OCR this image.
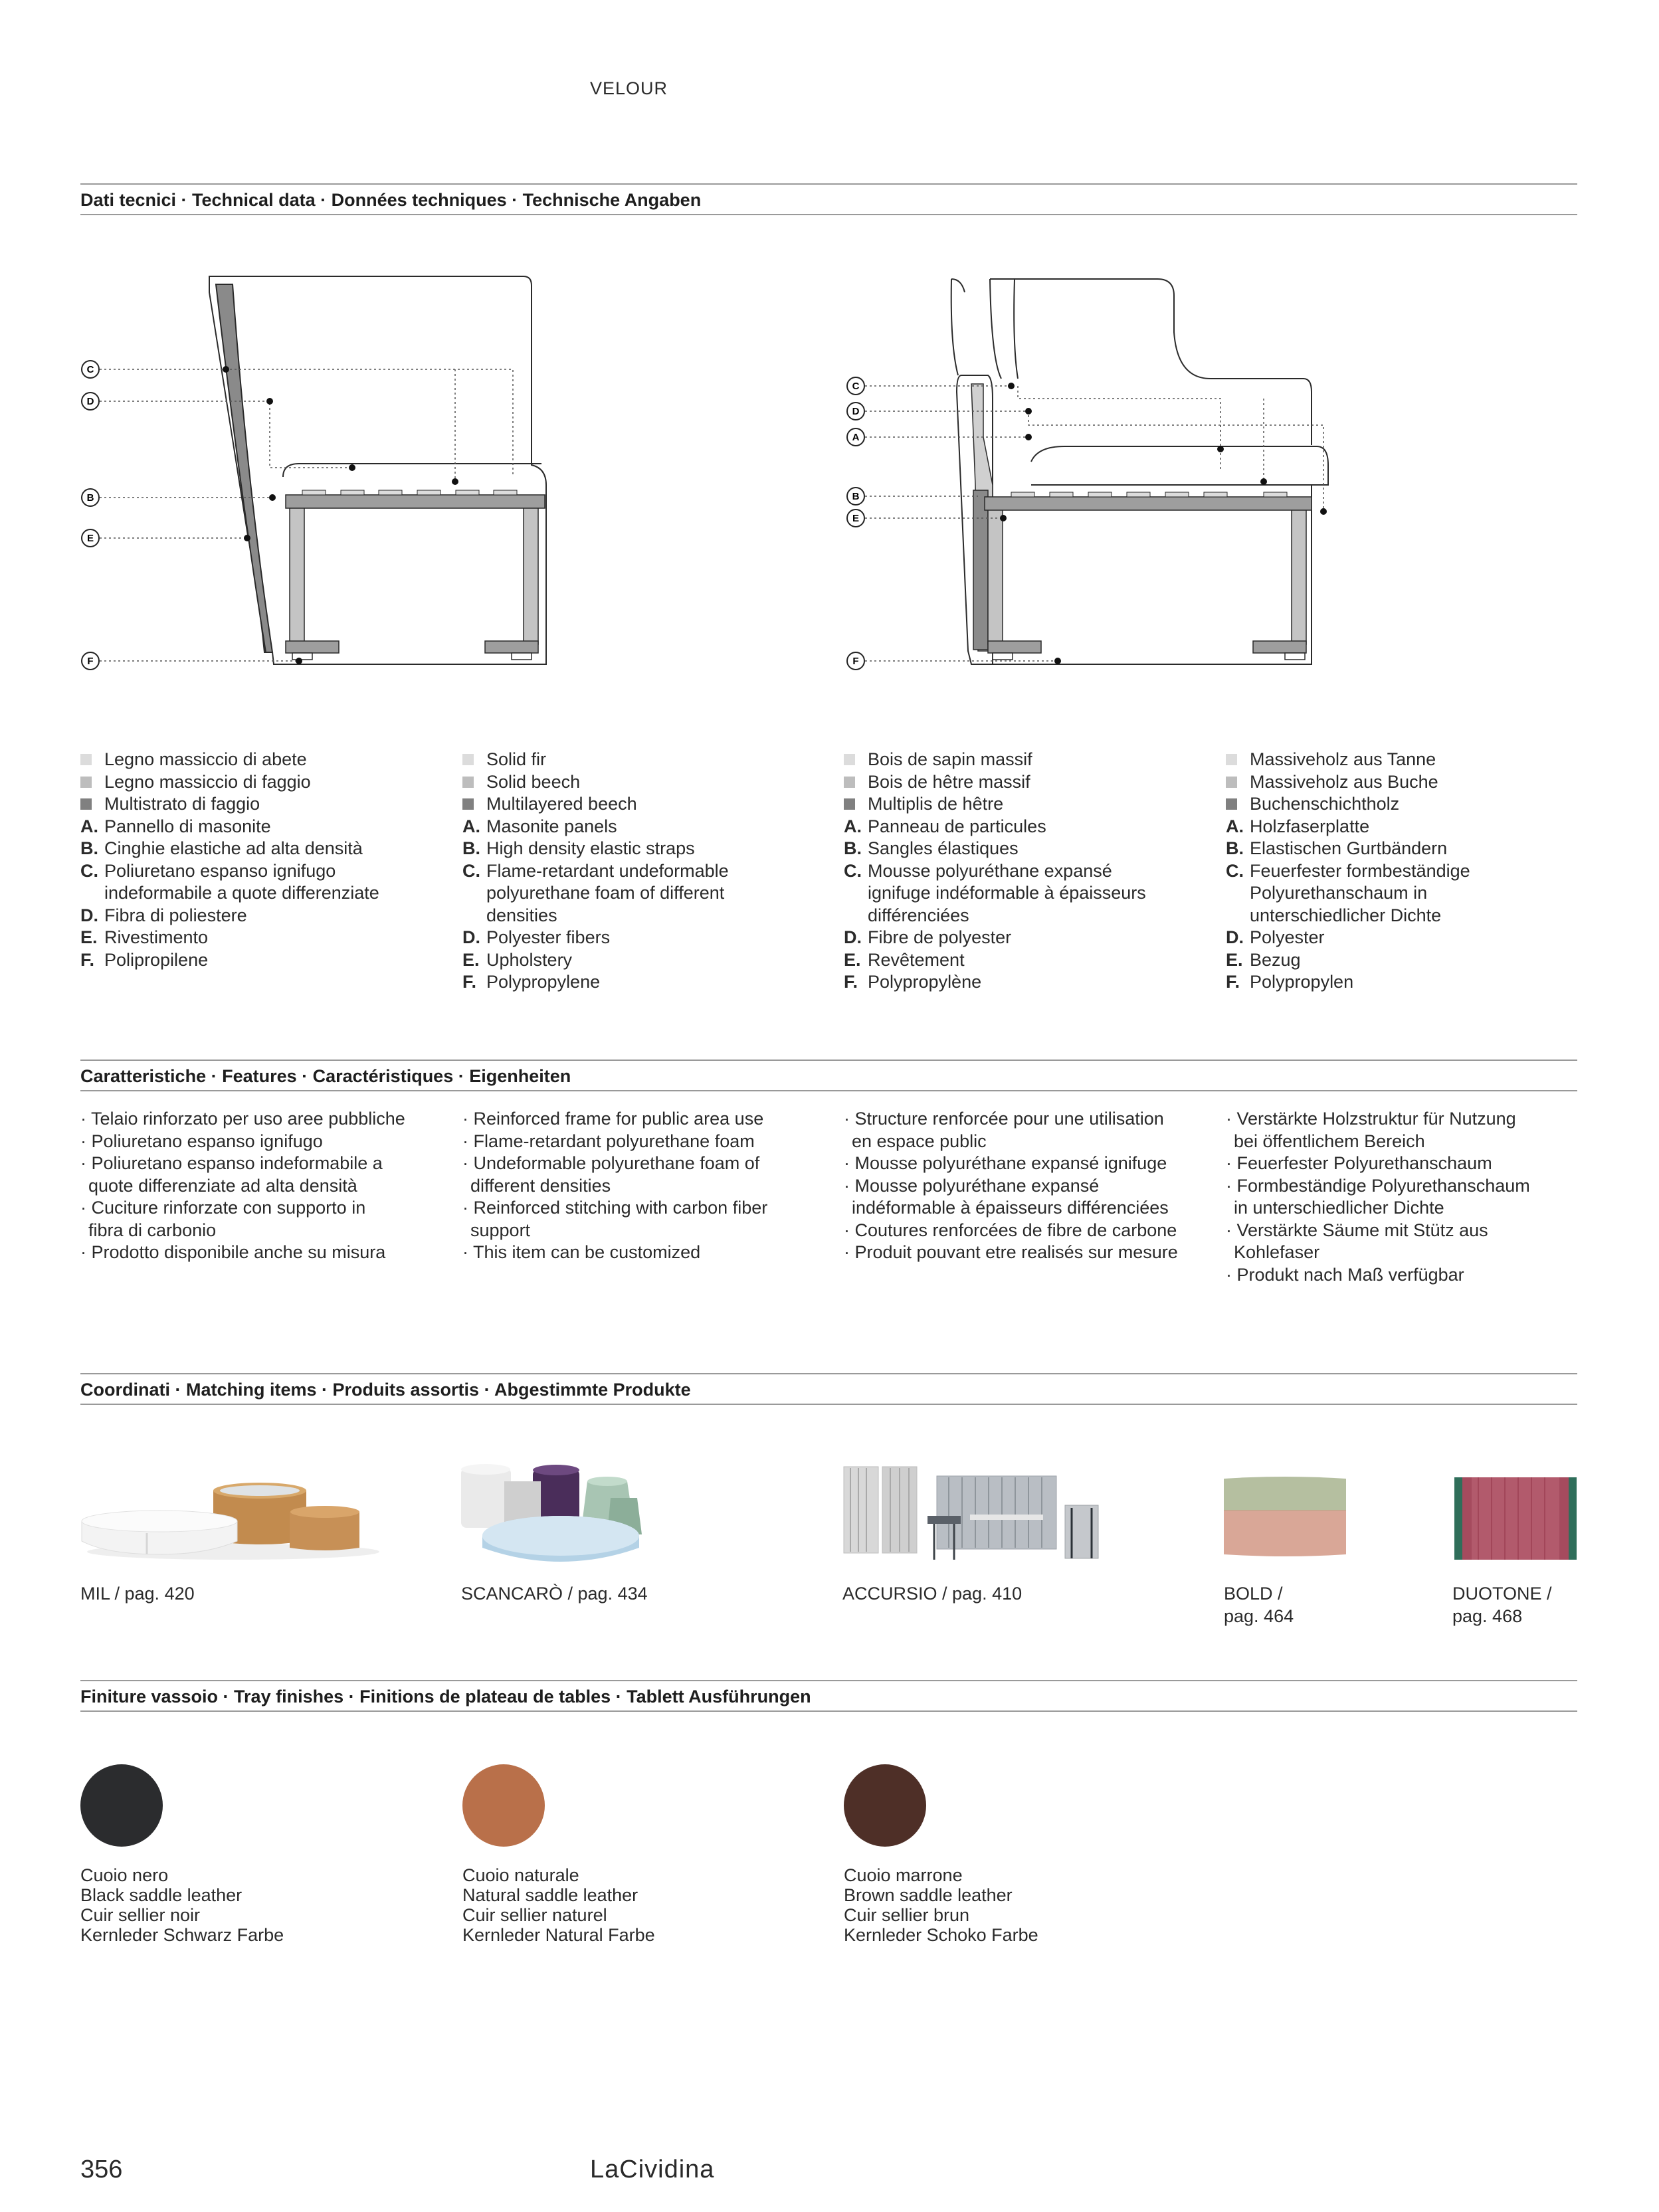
VELOUR
Dati tecnici · Technical data · Données techniques · Technische Angaben
C
D
B
E
F
C
D
A
B
E
F
Legno massiccio di abete
Legno massiccio di faggio
Multistrato di faggio
A. Pannello di masonite
B. Cinghie elastiche ad alta densità
C. Poliuretano espanso ignifugo
indeformabile a quote differenziate
D. Fibra di poliestere
E. Rivestimento
F. Polipropilene
Solid fir
Solid beech
Multilayered beech
A. Masonite panels
B. High density elastic straps
C. Flame-retardant undeformable
polyurethane foam of different
densities
D. Polyester fibers
E. Upholstery
F. Polypropylene
Bois de sapin massif
Bois de hêtre massif
Multiplis de hêtre
A. Panneau de particules
B. Sangles élastiques
C. Mousse polyuréthane expansé
ignifuge indéformable à épaisseurs
différenciées
D. Fibre de polyester
E. Revêtement
F. Polypropylène
Massiveholz aus Tanne
Massiveholz aus Buche
Buchenschichtholz
A. Holzfaserplatte
B. Elastischen Gurtbändern
C. Feuerfester formbeständige
Polyurethanschaum in
unterschiedlicher Dichte
D. Polyester
E. Bezug
F. Polypropylen
Caratteristiche · Features · Caractéristiques · Eigenheiten
· Telaio rinforzato per uso aree pubbliche
· Poliuretano espanso ignifugo
· Poliuretano espanso indeformabile a
quote differenziate ad alta densità
· Cuciture rinforzate con supporto in
fibra di carbonio
· Prodotto disponibile anche su misura
· Reinforced frame for public area use
· Flame-retardant polyurethane foam
· Undeformable polyurethane foam of
different densities
· Reinforced stitching with carbon fiber
support
· This item can be customized
· Structure renforcée pour une utilisation
en espace public
· Mousse polyuréthane expansé ignifuge
· Mousse polyuréthane expansé
indéformable à épaisseurs différenciées
· Coutures renforcées de fibre de carbone
· Produit pouvant etre realisés sur mesure
· Verstärkte Holzstruktur für Nutzung
bei öffentlichem Bereich
· Feuerfester Polyurethanschaum
· Formbeständige Polyurethanschaum
in unterschiedlicher Dichte
· Verstärkte Säume mit Stütz aus
Kohlefaser
· Produkt nach Maß verfügbar
Coordinati · Matching items · Produits assortis · Abgestimmte Produkte
MIL / pag. 420	SCANCARÒ / pag. 434	ACCURSIO / pag. 410	BOLD /
pag. 464
DUOTONE /
pag. 468
Finiture vassoio · Tray finishes · Finitions de plateau de tables · Tablett Ausführungen
Cuoio nero
Black saddle leather
Cuir sellier noir
Kernleder Schwarz Farbe
Cuoio naturale
Natural saddle leather
Cuir sellier naturel
Kernleder Natural Farbe
Cuoio marrone
Brown saddle leather
Cuir sellier brun
Kernleder Schoko Farbe
356	LaCividina
